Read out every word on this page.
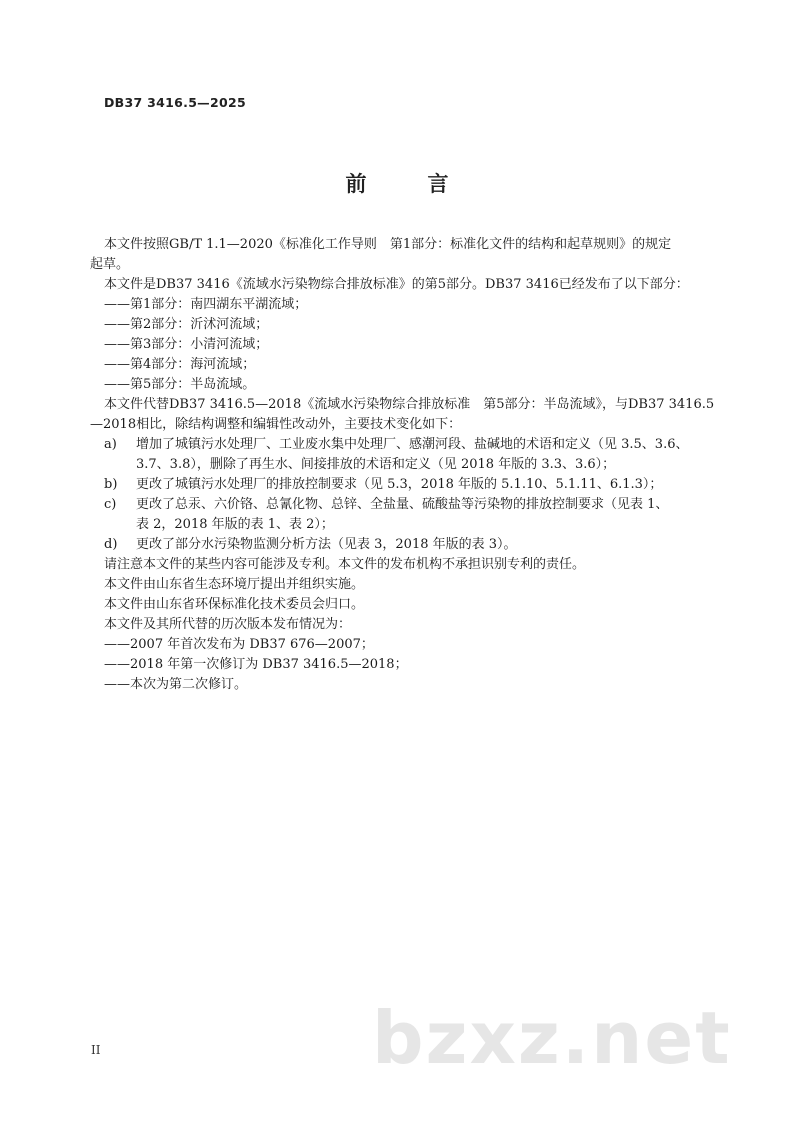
DB37 3416.5—2025
前　言
本文件按照GB/T 1.1—2020《标准化工作导则　第1部分：标准化文件的结构和起草规则》的规定
起草。
本文件是DB37 3416《流域水污染物综合排放标准》的第5部分。DB37 3416已经发布了以下部分：
——第1部分：南四湖东平湖流域；
——第2部分：沂沭河流域；
——第3部分：小清河流域；
——第4部分：海河流域；
——第5部分：半岛流域。
本文件代替DB37 3416.5—2018《流域水污染物综合排放标准　第5部分：半岛流域》，与DB37 3416.5
—2018相比，除结构调整和编辑性改动外，主要技术变化如下：
a) 增加了城镇污水处理厂、工业废水集中处理厂、感潮河段、盐碱地的术语和定义（见 3.5、3.6、
3.7、3.8），删除了再生水、间接排放的术语和定义（见 2018 年版的 3.3、3.6）；
b) 更改了城镇污水处理厂的排放控制要求（见 5.3，2018 年版的 5.1.10、5.1.11、6.1.3）；
c) 更改了总汞、六价铬、总氰化物、总锌、全盐量、硫酸盐等污染物的排放控制要求（见表 1、
表 2，2018 年版的表 1、表 2）；
d) 更改了部分水污染物监测分析方法（见表 3，2018 年版的表 3）。
请注意本文件的某些内容可能涉及专利。本文件的发布机构不承担识别专利的责任。
本文件由山东省生态环境厅提出并组织实施。
本文件由山东省环保标准化技术委员会归口。
本文件及其所代替的历次版本发布情况为：
——2007 年首次发布为 DB37 676—2007；
——2018 年第一次修订为 DB37 3416.5—2018；
——本次为第二次修订。
bzxz.net
II
